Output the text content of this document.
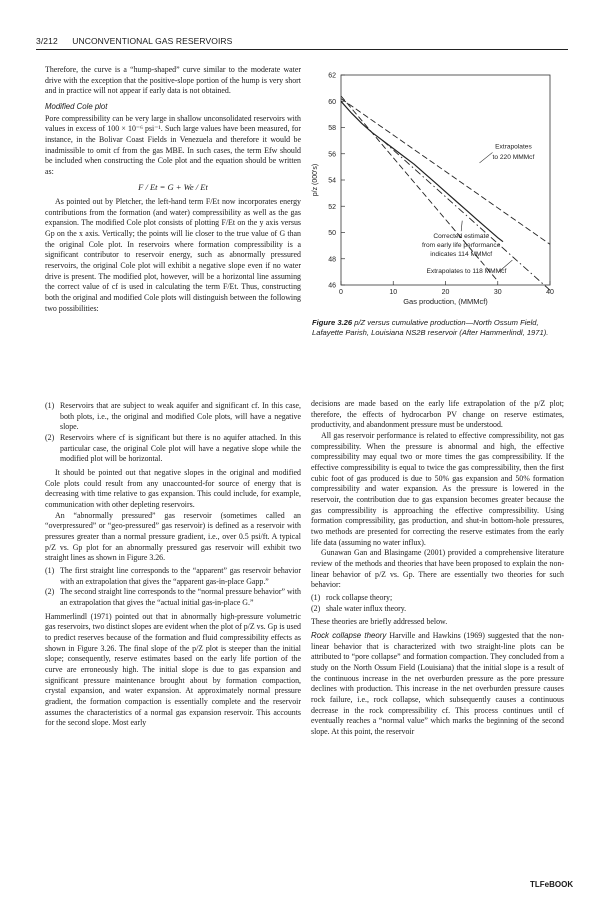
3/212 UNCONVENTIONAL GAS RESERVOIRS

Therefore, the curve is a “hump-shaped” curve similar to the moderate water drive with the exception that the positive-slope portion of the hump is very short and in practice will not appear if early data is not obtained.

Modified Cole plot

Pore compressibility can be very large in shallow unconsolidated reservoirs with values in excess of 100 × 10⁻⁶ psi⁻¹. Such large values have been measured, for instance, in the Bolivar Coast Fields in Venezuela and therefore it would be inadmissible to omit cf from the gas MBE. In such cases, the term Efw should be included when constructing the Cole plot and the equation should be written as:

F / Et = G + We / Et

As pointed out by Pletcher, the left-hand term F/Et now incorporates energy contributions from the formation (and water) compressibility as well as the gas expansion. The modified Cole plot consists of plotting F/Et on the y axis versus Gp on the x axis. Vertically; the points will lie closer to the true value of G than the original Cole plot. In reservoirs where formation compressibility is a significant contributor to reservoir energy, such as abnormally pressured reservoirs, the original Cole plot will exhibit a negative slope even if no water drive is present. The modified plot, however, will be a horizontal line assuming the correct value of cf is used in calculating the term F/Et. Thus, constructing both the original and modified Cole plots will distinguish between the following two possibilities:

46
48
50
52
54
56
58
60
62
0	10	20	30	40
Gas production, (MMMcf)
p/z (000's)
Extrapolates
to 220 MMMcf
Corrected estimate
from early life performance
indicates 114 MMMcf
Extrapolates to 118 MMMcf
Figure 3.26 p/Z versus cumulative production—North Ossum Field, Lafayette Parish, Louisiana NS2B reservoir (After Hammerlindl, 1971).
(1) Reservoirs that are subject to weak aquifer and significant cf. In this case, both plots, i.e., the original and modified Cole plots, will have a negative slope.
(2) Reservoirs where cf is significant but there is no aquifer attached. In this particular case, the original Cole plot will have a negative slope while the modified plot will be horizontal.

It should be pointed out that negative slopes in the original and modified Cole plots could result from any unaccounted-for source of energy that is decreasing with time relative to gas expansion. This could include, for example, communication with other depleting reservoirs.

An “abnormally pressured” gas reservoir (sometimes called an “overpressured” or “geo-pressured” gas reservoir) is defined as a reservoir with pressures greater than a normal pressure gradient, i.e., over 0.5 psi/ft. A typical p/Z vs. Gp plot for an abnormally pressured gas reservoir will exhibit two straight lines as shown in Figure 3.26.

(1) The first straight line corresponds to the “apparent” gas reservoir behavior with an extrapolation that gives the “apparent gas-in-place Gapp.”
(2) The second straight line corresponds to the “normal pressure behavior” with an extrapolation that gives the “actual initial gas-in-place G.”

Hammerlindl (1971) pointed out that in abnormally high-pressure volumetric gas reservoirs, two distinct slopes are evident when the plot of p/Z vs. Gp is used to predict reserves because of the formation and fluid compressibility effects as shown in Figure 3.26. The final slope of the p/Z plot is steeper than the initial slope; consequently, reserve estimates based on the early life portion of the curve are erroneously high. The initial slope is due to gas expansion and significant pressure maintenance brought about by formation compaction, crystal expansion, and water expansion. At approximately normal pressure gradient, the formation compaction is essentially complete and the reservoir assumes the characteristics of a normal gas expansion reservoir. This accounts for the second slope. Most early

decisions are made based on the early life extrapolation of the p/Z plot; therefore, the effects of hydrocarbon PV change on reserve estimates, productivity, and abandonment pressure must be understood.

All gas reservoir performance is related to effective compressibility, not gas compressibility. When the pressure is abnormal and high, the effective compressibility may equal two or more times the gas compressibility. If the effective compressibility is equal to twice the gas compressibility, then the first cubic foot of gas produced is due to 50% gas expansion and 50% formation compressibility and water expansion. As the pressure is lowered in the reservoir, the contribution due to gas expansion becomes greater because the gas compressibility is approaching the effective compressibility. Using formation compressibility, gas production, and shut-in bottom-hole pressures, two methods are presented for correcting the reserve estimates from the early life data (assuming no water influx).

Gunawan Gan and Blasingame (2001) provided a comprehensive literature review of the methods and theories that have been proposed to explain the non-linear behavior of p/Z vs. Gp. There are essentially two theories for such behavior:

(1) rock collapse theory;
(2) shale water influx theory.

These theories are briefly addressed below.

Rock collapse theory Harville and Hawkins (1969) suggested that the non-linear behavior that is characterized with two straight-line plots can be attributed to “pore collapse” and formation compaction. They concluded from a study on the North Ossum Field (Louisiana) that the initial slope is a result of the continuous increase in the net overburden pressure as the pore pressure declines with production. This increase in the net overburden pressure causes rock failure, i.e., rock collapse, which subsequently causes a continuous decrease in the rock compressibility cf. This process continues until cf eventually reaches a “normal value” which marks the beginning of the second slope. At this point, the reservoir

TLFeBOOK
